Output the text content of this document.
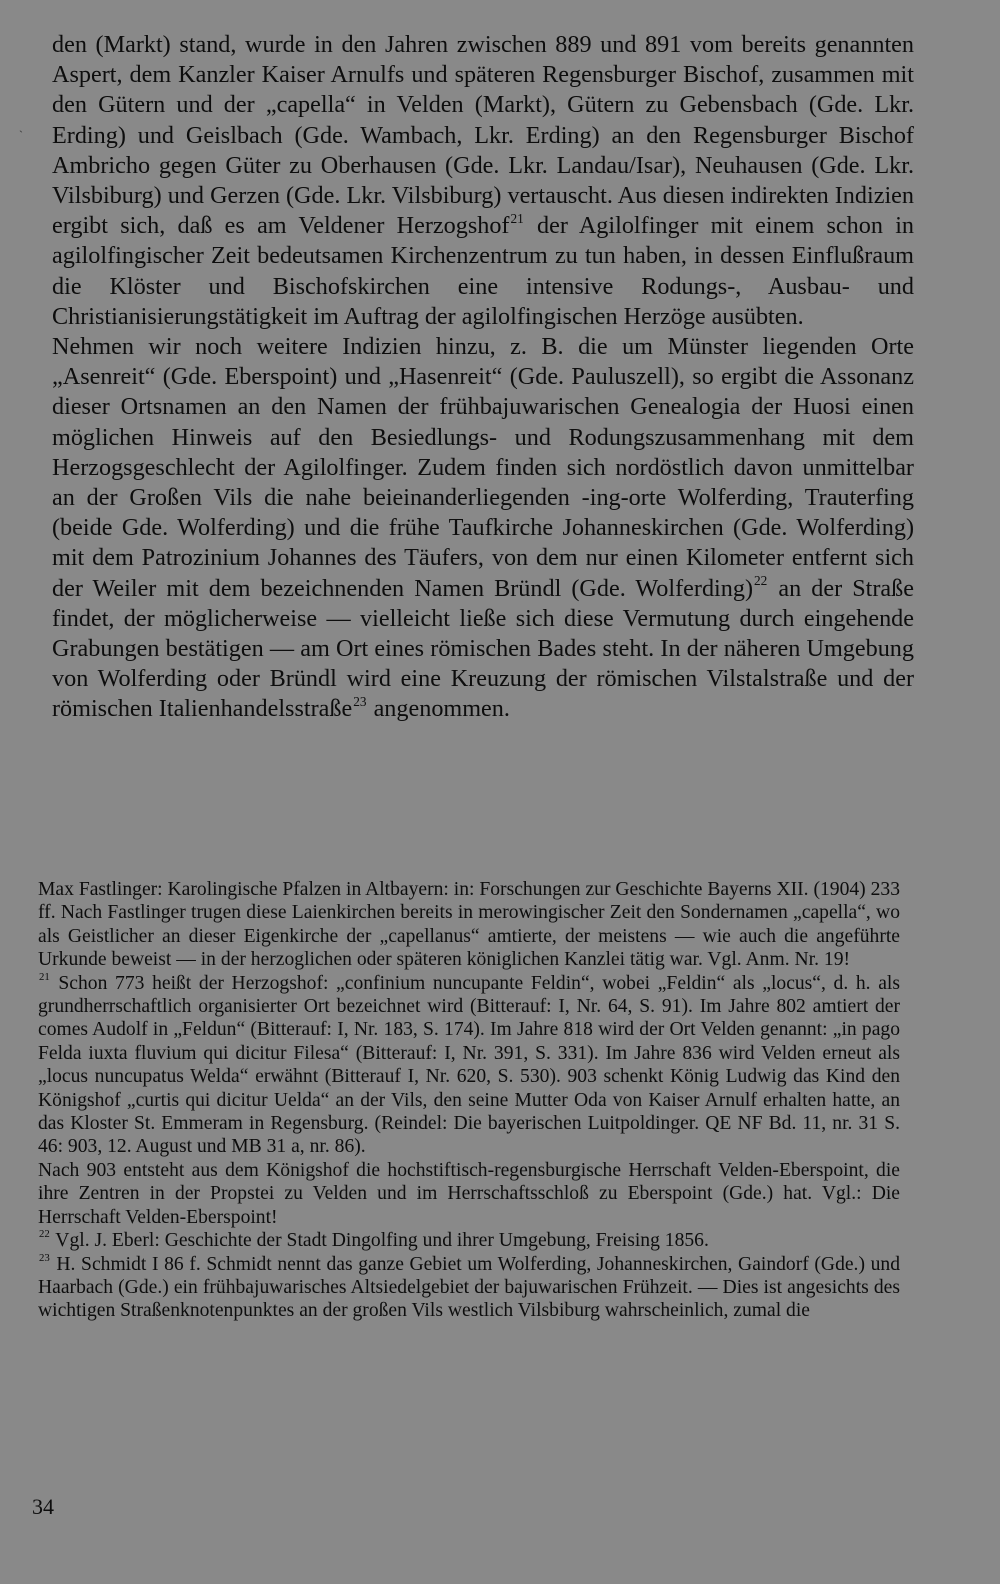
`

den (Markt) stand, wurde in den Jahren zwischen 889 und 891 vom bereits genannten Aspert, dem Kanzler Kaiser Arnulfs und späteren Regensburger Bischof, zusammen mit den Gütern und der „capella“ in Velden (Markt), Gütern zu Gebensbach (Gde. Lkr. Erding) und Geislbach (Gde. Wambach, Lkr. Erding) an den Regensburger Bischof Ambricho gegen Güter zu Oberhausen (Gde. Lkr. Landau/Isar), Neuhausen (Gde. Lkr. Vilsbiburg) und Gerzen (Gde. Lkr. Vilsbiburg) vertauscht. Aus diesen indirekten Indizien ergibt sich, daß es am Veldener Herzogshof$^{21}$ der Agilolfinger mit einem schon in agilolfingischer Zeit bedeutsamen Kirchenzentrum zu tun haben, in dessen Einflußraum die Klöster und Bischofskirchen eine intensive Rodungs-, Ausbau- und Christianisierungstätigkeit im Auftrag der agilolfingischen Herzöge ausübten.

Nehmen wir noch weitere Indizien hinzu, z. B. die um Münster liegenden Orte „Asenreit“ (Gde. Eberspoint) und „Hasenreit“ (Gde. Pauluszell), so ergibt die Assonanz dieser Ortsnamen an den Namen der frühbajuwarischen Genealogia der Huosi einen möglichen Hinweis auf den Besiedlungs- und Rodungszusammenhang mit dem Herzogsgeschlecht der Agilolfinger. Zudem finden sich nordöstlich davon unmittelbar an der Großen Vils die nahe beieinanderliegenden -ing-orte Wolferding, Trauterfing (beide Gde. Wolferding) und die frühe Taufkirche Johanneskirchen (Gde. Wolferding) mit dem Patrozinium Johannes des Täufers, von dem nur einen Kilometer entfernt sich der Weiler mit dem bezeichnenden Namen Bründl (Gde. Wolferding)$^{22}$ an der Straße findet, der möglicherweise — vielleicht ließe sich diese Vermutung durch eingehende Grabungen bestätigen — am Ort eines römischen Bades steht. In der näheren Umgebung von Wolferding oder Bründl wird eine Kreuzung der römischen Vilstalstraße und der römischen Italienhandelsstraße$^{23}$ angenommen.

Max Fastlinger: Karolingische Pfalzen in Altbayern: in: Forschungen zur Geschichte Bayerns XII. (1904) 233 ff. Nach Fastlinger trugen diese Laienkirchen bereits in merowingischer Zeit den Sondernamen „capella“, wo als Geistlicher an dieser Eigenkirche der „capellanus“ amtierte, der meistens — wie auch die angeführte Urkunde beweist — in der herzoglichen oder späteren königlichen Kanzlei tätig war. Vgl. Anm. Nr. 19!

$^{21}$ Schon 773 heißt der Herzogshof: „confinium nuncupante Feldin“, wobei „Feldin“ als „locus“, d. h. als grundherrschaftlich organisierter Ort bezeichnet wird (Bitterauf: I, Nr. 64, S. 91). Im Jahre 802 amtiert der comes Audolf in „Feldun“ (Bitterauf: I, Nr. 183, S. 174). Im Jahre 818 wird der Ort Velden genannt: „in pago Felda iuxta fluvium qui dicitur Filesa“ (Bitterauf: I, Nr. 391, S. 331). Im Jahre 836 wird Velden erneut als „locus nuncupatus Welda“ erwähnt (Bitterauf I, Nr. 620, S. 530). 903 schenkt König Ludwig das Kind den Königshof „curtis qui dicitur Uelda“ an der Vils, den seine Mutter Oda von Kaiser Arnulf erhalten hatte, an das Kloster St. Emmeram in Regensburg. (Reindel: Die bayerischen Luitpoldinger. QE NF Bd. 11, nr. 31 S. 46: 903, 12. August und MB 31 a, nr. 86).

Nach 903 entsteht aus dem Königshof die hochstiftisch-regensburgische Herrschaft Velden-Eberspoint, die ihre Zentren in der Propstei zu Velden und im Herrschaftsschloß zu Eberspoint (Gde.) hat. Vgl.: Die Herrschaft Velden-Eberspoint!

$^{22}$ Vgl. J. Eberl: Geschichte der Stadt Dingolfing und ihrer Umgebung, Freising 1856.

$^{23}$ H. Schmidt I 86 f. Schmidt nennt das ganze Gebiet um Wolferding, Johanneskirchen, Gaindorf (Gde.) und Haarbach (Gde.) ein frühbajuwarisches Altsiedelgebiet der bajuwarischen Frühzeit. — Dies ist angesichts des wichtigen Straßenknotenpunktes an der großen Vils westlich Vilsbiburg wahrscheinlich, zumal die

34
